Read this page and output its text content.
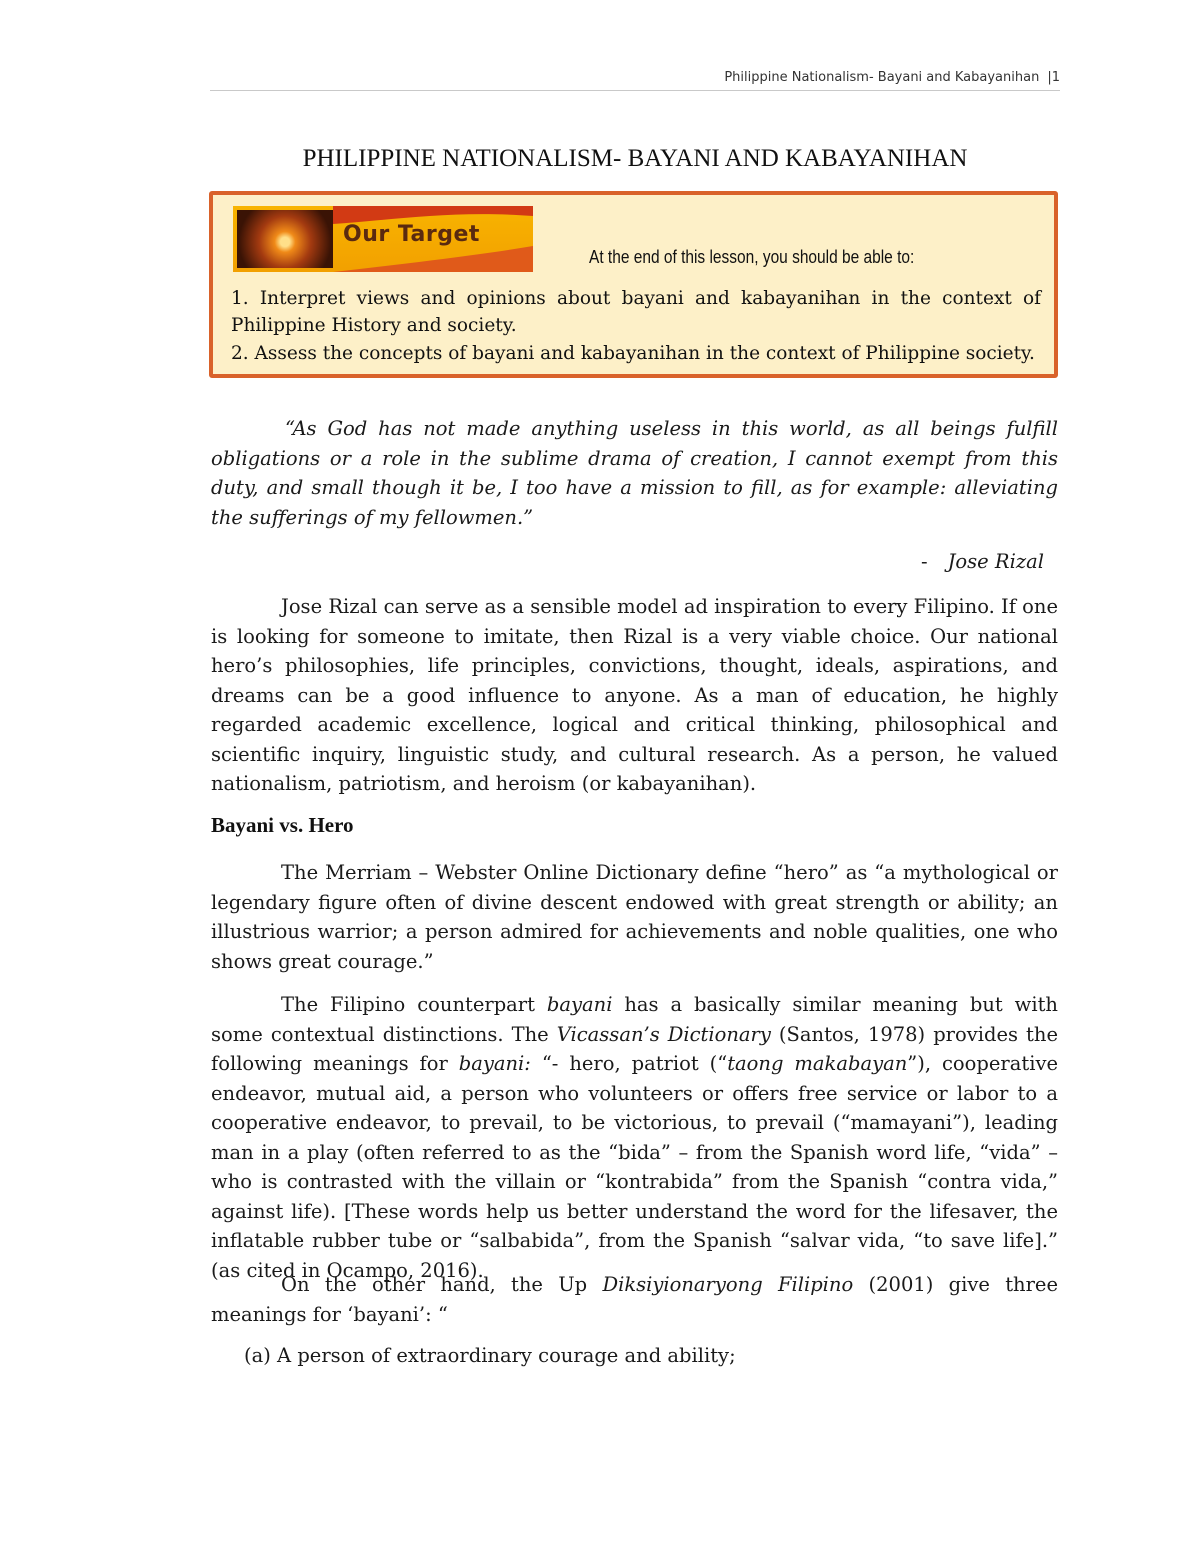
Philippine Nationalism- Bayani and Kabayanihan |1
PHILIPPINE NATIONALISM- BAYANI AND KABAYANIHAN
Our Target
At the end of this lesson, you should be able to:
1. Interpret views and opinions about bayani and kabayanihan in the context of Philippine History and society.
2. Assess the concepts of bayani and kabayanihan in the context of Philippine society.
“As God has not made anything useless in this world, as all beings fulfill obligations or a role in the sublime drama of creation, I cannot exempt from this duty, and small though it be, I too have a mission to fill, as for example: alleviating the sufferings of my fellowmen.”
- Jose Rizal
Jose Rizal can serve as a sensible model ad inspiration to every Filipino. If one is looking for someone to imitate, then Rizal is a very viable choice. Our national hero’s philosophies, life principles, convictions, thought, ideals, aspirations, and dreams can be a good influence to anyone. As a man of education, he highly regarded academic excellence, logical and critical thinking, philosophical and scientific inquiry, linguistic study, and cultural research. As a person, he valued nationalism, patriotism, and heroism (or kabayanihan).
Bayani vs. Hero
The Merriam – Webster Online Dictionary define “hero” as “a mythological or legendary figure often of divine descent endowed with great strength or ability; an illustrious warrior; a person admired for achievements and noble qualities, one who shows great courage.”
The Filipino counterpart bayani has a basically similar meaning but with some contextual distinctions. The Vicassan’s Dictionary (Santos, 1978) provides the following meanings for bayani: “- hero, patriot (“taong makabayan”), cooperative endeavor, mutual aid, a person who volunteers or offers free service or labor to a cooperative endeavor, to prevail, to be victorious, to prevail (“mamayani”), leading man in a play (often referred to as the “bida” – from the Spanish word life, “vida” – who is contrasted with the villain or “kontrabida” from the Spanish “contra vida,” against life). [These words help us better understand the word for the lifesaver, the inflatable rubber tube or “salbabida”, from the Spanish “salvar vida, “to save life].” (as cited in Ocampo, 2016).
On the other hand, the Up Diksiyionaryong Filipino (2001) give three meanings for ‘bayani’: “
(a) A person of extraordinary courage and ability;
